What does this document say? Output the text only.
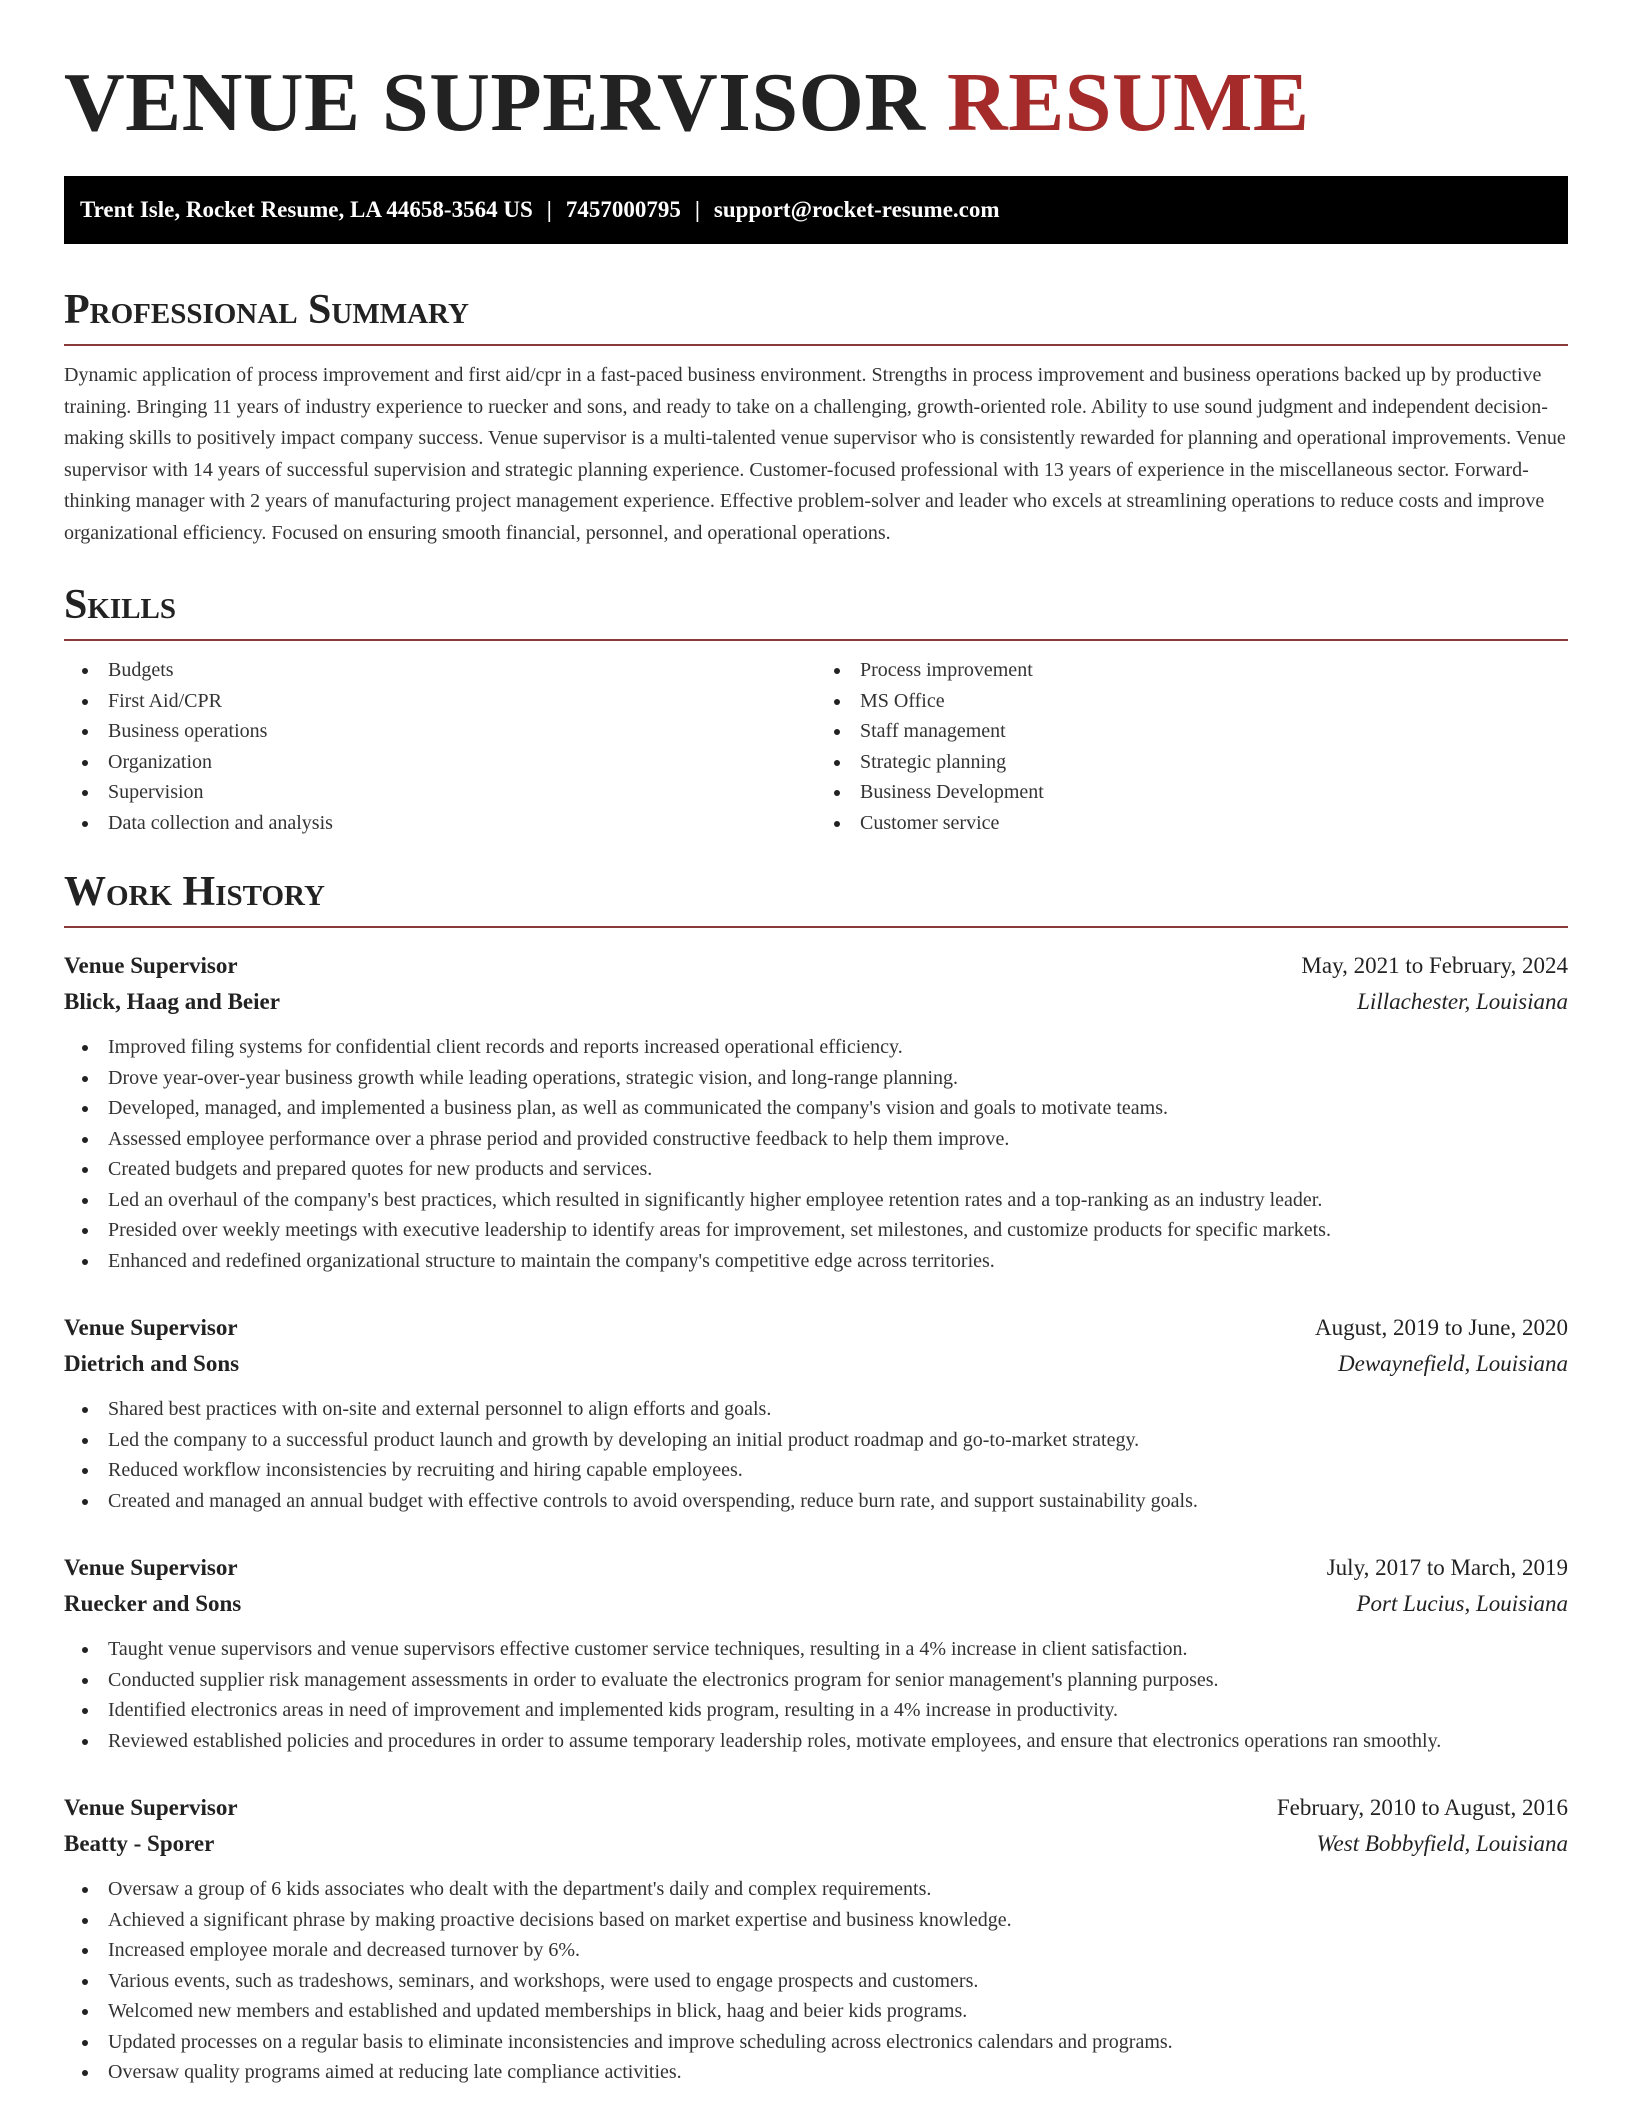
VENUE SUPERVISOR RESUME
Trent Isle, Rocket Resume, LA 44658-3564 US | 7457000795 | support@rocket-resume.com
Professional Summary

Dynamic application of process improvement and first aid/cpr in a fast-paced business environment. Strengths in process improvement and business operations backed up by productive training. Bringing 11 years of industry experience to ruecker and sons, and ready to take on a challenging, growth-oriented role. Ability to use sound judgment and independent decision-making skills to positively impact company success. Venue supervisor is a multi-talented venue supervisor who is consistently rewarded for planning and operational improvements. Venue supervisor with 14 years of successful supervision and strategic planning experience. Customer-focused professional with 13 years of experience in the miscellaneous sector. Forward-thinking manager with 2 years of manufacturing project management experience. Effective problem-solver and leader who excels at streamlining operations to reduce costs and improve organizational efficiency. Focused on ensuring smooth financial, personnel, and operational operations.

Skills
Budgets
First Aid/CPR
Business operations
Organization
Supervision
Data collection and analysis
Process improvement
MS Office
Staff management
Strategic planning
Business Development
Customer service
Work History
Venue Supervisor	May, 2021 to February, 2024
Blick, Haag and Beier	Lillachester, Louisiana
Improved filing systems for confidential client records and reports increased operational efficiency.
Drove year-over-year business growth while leading operations, strategic vision, and long-range planning.
Developed, managed, and implemented a business plan, as well as communicated the company's vision and goals to motivate teams.
Assessed employee performance over a phrase period and provided constructive feedback to help them improve.
Created budgets and prepared quotes for new products and services.
Led an overhaul of the company's best practices, which resulted in significantly higher employee retention rates and a top-ranking as an industry leader.
Presided over weekly meetings with executive leadership to identify areas for improvement, set milestones, and customize products for specific markets.
Enhanced and redefined organizational structure to maintain the company's competitive edge across territories.
Venue Supervisor	August, 2019 to June, 2020
Dietrich and Sons	Dewaynefield, Louisiana
Shared best practices with on-site and external personnel to align efforts and goals.
Led the company to a successful product launch and growth by developing an initial product roadmap and go-to-market strategy.
Reduced workflow inconsistencies by recruiting and hiring capable employees.
Created and managed an annual budget with effective controls to avoid overspending, reduce burn rate, and support sustainability goals.
Venue Supervisor	July, 2017 to March, 2019
Ruecker and Sons	Port Lucius, Louisiana
Taught venue supervisors and venue supervisors effective customer service techniques, resulting in a 4% increase in client satisfaction.
Conducted supplier risk management assessments in order to evaluate the electronics program for senior management's planning purposes.
Identified electronics areas in need of improvement and implemented kids program, resulting in a 4% increase in productivity.
Reviewed established policies and procedures in order to assume temporary leadership roles, motivate employees, and ensure that electronics operations ran smoothly.
Venue Supervisor	February, 2010 to August, 2016
Beatty - Sporer	West Bobbyfield, Louisiana
Oversaw a group of 6 kids associates who dealt with the department's daily and complex requirements.
Achieved a significant phrase by making proactive decisions based on market expertise and business knowledge.
Increased employee morale and decreased turnover by 6%.
Various events, such as tradeshows, seminars, and workshops, were used to engage prospects and customers.
Welcomed new members and established and updated memberships in blick, haag and beier kids programs.
Updated processes on a regular basis to eliminate inconsistencies and improve scheduling across electronics calendars and programs.
Oversaw quality programs aimed at reducing late compliance activities.
